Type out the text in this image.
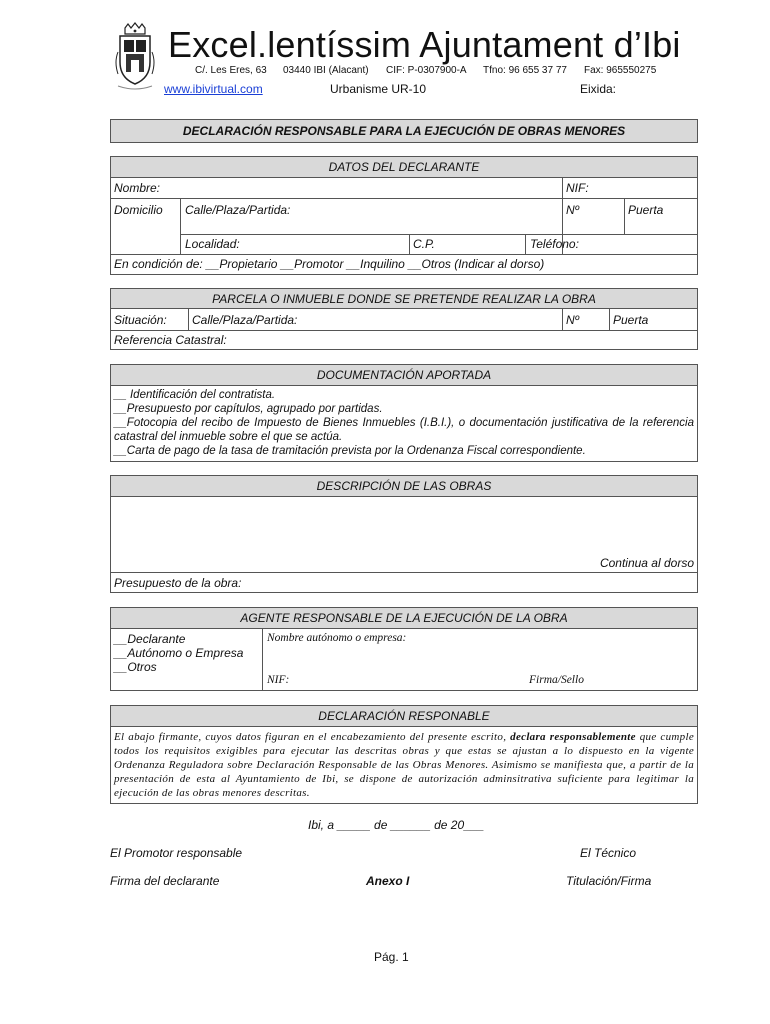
Excel.lentíssim Ajuntament d’Ibi
C/. Les Eres, 63 03440 IBI (Alacant) CIF: P-0307900-A Tfno: 96 655 37 77 Fax: 965550275
www.ibivirtual.com	Urbanisme UR-10	Eixida:
DECLARACIÓN RESPONSABLE PARA LA EJECUCIÓN DE OBRAS MENORES
DATOS DEL DECLARANTE
Nombre:	NIF:
Domicilio Calle/Plaza/Partida:	Nº	Puerta
Localidad:	C.P.	Teléfono:
En condición de: __Propietario __Promotor __Inquilino __Otros (Indicar al dorso)
PARCELA O INMUEBLE DONDE SE PRETENDE REALIZAR LA OBRA
Situación: Calle/Plaza/Partida:	Nº	Puerta
Referencia Catastral:
DOCUMENTACIÓN APORTADA
__ Identificación del contratista.
__Presupuesto por capítulos, agrupado por partidas.
__Fotocopia del recibo de Impuesto de Bienes Inmuebles (I.B.I.), o documentación justificativa de la referencia catastral del inmueble sobre el que se actúa.
__Carta de pago de la tasa de tramitación prevista por la Ordenanza Fiscal correspondiente.
DESCRIPCIÓN DE LAS OBRAS
Continua al dorso
Presupuesto de la obra:
AGENTE RESPONSABLE DE LA EJECUCIÓN DE LA OBRA
__Declarante
__Autónomo o Empresa
__Otros
Nombre autónomo o empresa:
NIF:	Firma/Sello
DECLARACIÓN RESPONABLE
El abajo firmante, cuyos datos figuran en el encabezamiento del presente escrito, declara responsablemente que cumple todos los requisitos exigibles para ejecutar las descritas obras y que estas se ajustan a lo dispuesto en la vigente Ordenanza Reguladora sobre Declaración Responsable de las Obras Menores. Asimismo se manifiesta que, a partir de la presentación de esta al Ayuntamiento de Ibi, se dispone de autorización adminsitrativa suficiente para legitimar la ejecución de las obras menores descritas.
Ibi, a _____ de ______ de 20___
El Promotor responsable	El Técnico
Firma del declarante	Anexo I	Titulación/Firma
Pág. 1
